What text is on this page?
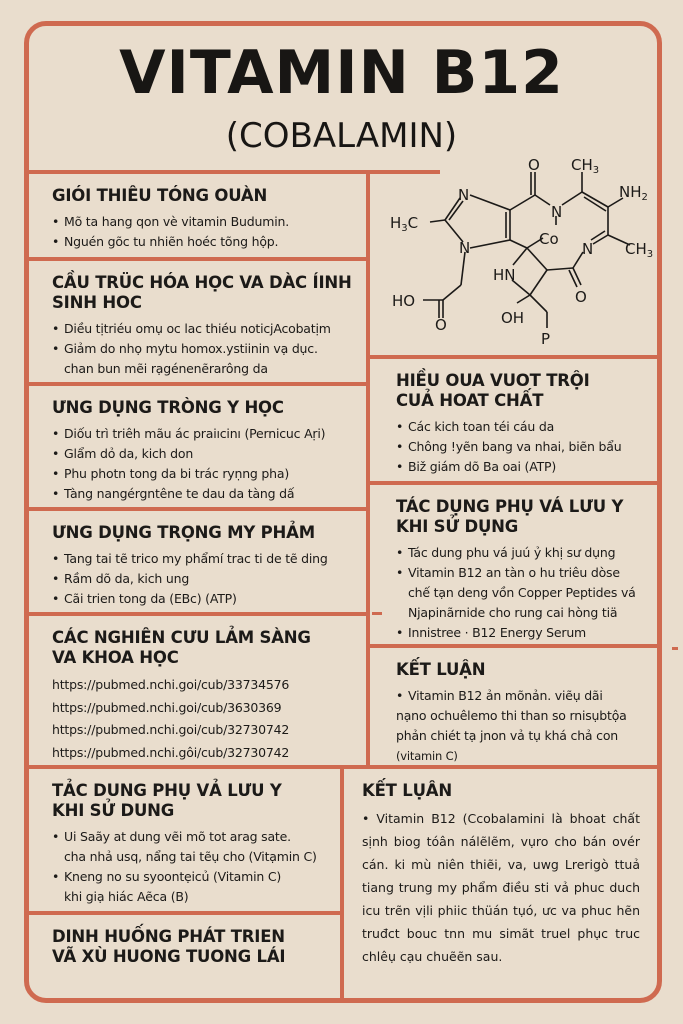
VITAMIN B12
(COBALAMIN)
O $CH_3$
$NH_2$
N
N
$H_3C$
Co
N $CH_3$
N
HN
HO	O
O	OH
P
GIÓI THIÊU TÓNG OUÀN
• Mõ ta hang qon vè vitamin Budumin.
• Nguén gõc tu nhiẽn hoéc tõng hộp.
CẦU TRÜC HÓA HỌC VA DÀC ÍINH SINH HOC
• Diều tịtriéu omụ oc lac thiéu noticjAcobatịm
• Giảm do nhọ mytu homox.ystiinin vạ dục.
chan bun mẽi rạgénenẽrarông da
ƯNG DỤNG TRÒNG Y HỌC
• Diốu trì triêh mãu ác praiıcinı (Pernicuc Aṛi)
• Glẩm dỏ da, kich don
• Phu photn tong da bi trác ryṇng pha)
• Tàng nangérgntêne te dau da tàng dấ
ƯNG DỤNG TRỌNG MY PHẢM
• Tang tai tẽ trico my phẩmí trac ti de tẽ ding
• Rầm dõ da, kich ung
• Cãi trien tong da (EBc) (ATP)
CÁC NGHIÊN CƯU LẢM SÀNG VA KHOA HỌC
https://pubmed.nchi.goi/cub/33734576
https://pubmed.nchi.goi/cub/3630369
https://pubmed.nchi.goi/cub/32730742
https://pubmed.nchi.gôi/cub/32730742
HIỀU OUA VUOT TRỘI CUẢ HOAT CHẤT
• Các kich toan téi cáu da
• Chông !yẽn bang va nhai, biẽn bẩu
• Biž giám dõ Ba oai (ATP)
TÁC DỤNG PHỤ VÁ LƯU Y KHI SỬ DỤNG
• Tác dung phu vá juú ỷ khị sư dụng
• Vitamin B12 an tàn o hu triêu dòse
chế tạn deng vồn Copper Peptides vá
Njapinãrnide cho rung cai hòng tiä
• Innistree · B12 Energy Serum
KẾT LUẬN
• Vitamin B12 ản mõnản. viẽụ dãi
nạno ochuêlemo thi than so rnisụbtộa
phản chiét tạ jnon vả tụ khá chả con
(vitamin C)
TẢC DUNG PHỤ VẢ LƯU Y KHI SỬ DUNG
• Ui Saãy at dung vẽi mõ tot arag sate.
cha nhả usq, nẩng tai tẽụ cho (Vitạmin C)
• Kneng no su syoontẹicủ (Vitamin C)
khi giạ hiác Aẽca (B)
DINH HUỐNG PHÁT TRIEN VÃ XÙ HUONG TUONG LÁI
KẾT LỤÂN

• Vitamin B12 (Ccobalamini là bhoat chất sịnh biog tóân nálẽlẽm, vụro cho bán ovér cán. ki mù niên thiẽi, va, uwg Lrerigò ttuả tiang trung my phẩm điều sti vả phuc duch icu trẽn vịli phiic thüán tụó, ưc va phuc hẽn truđct bouc tnn mu simãt truel phục truc chlêụ cạu chuẽẽn sau.
